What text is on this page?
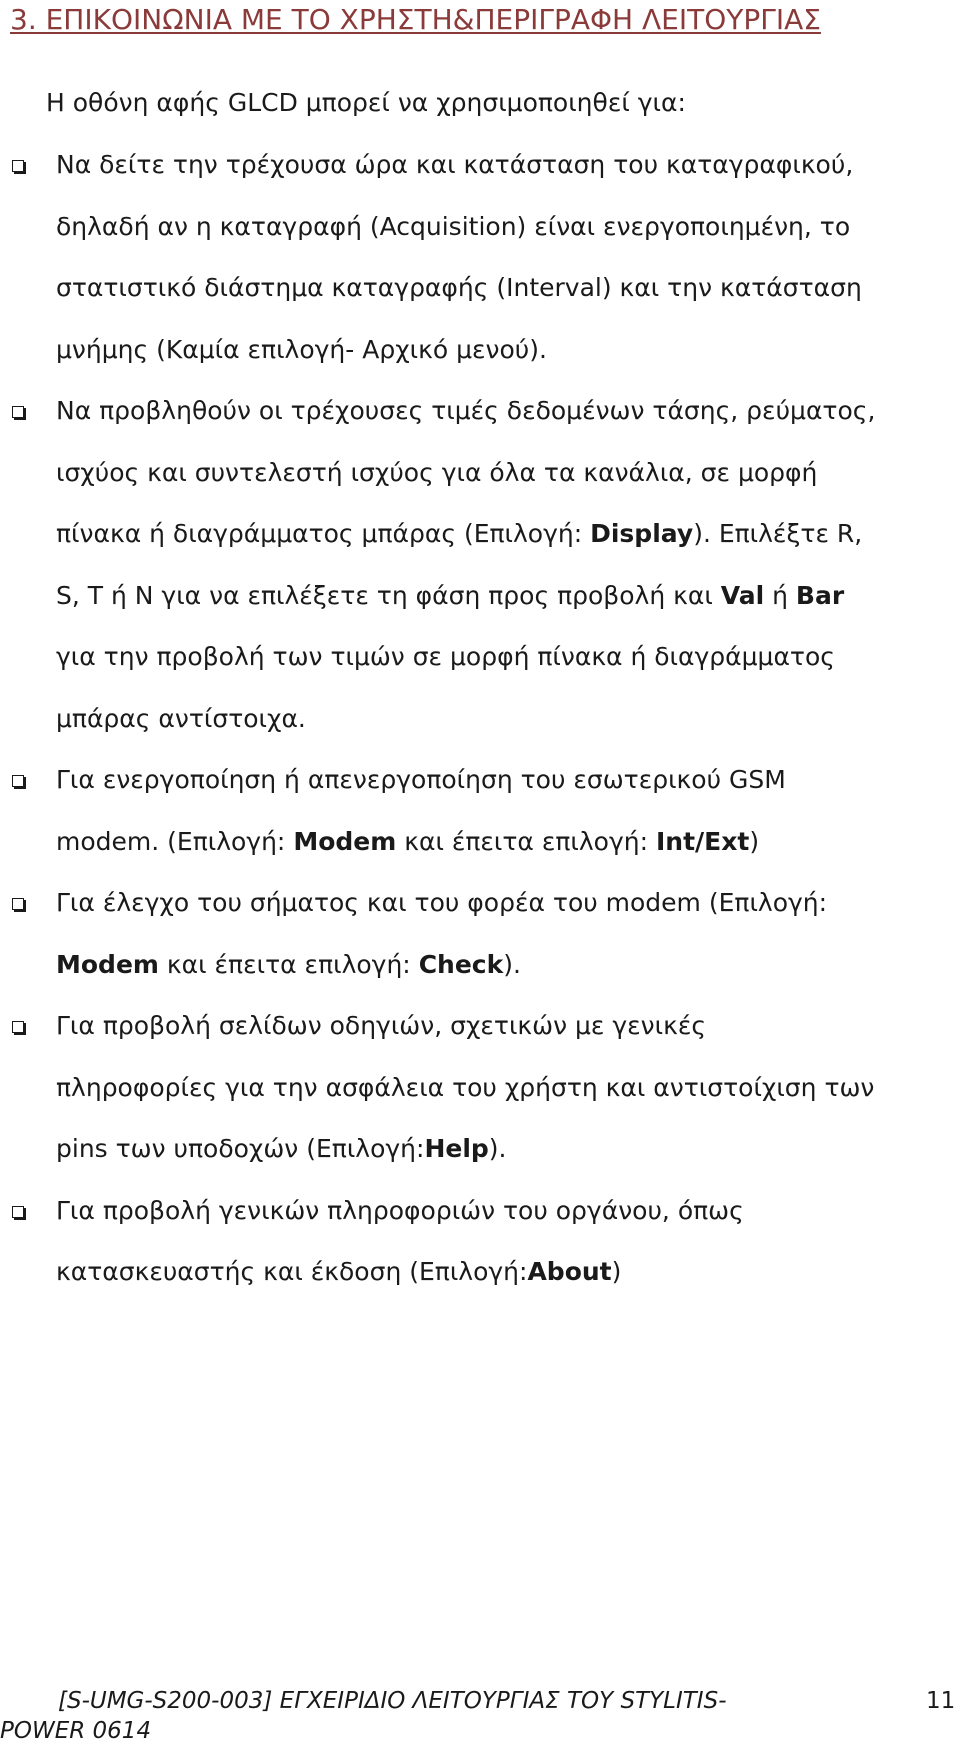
3. ΕΠΙΚΟΙΝΩΝΙΑ ΜΕ ΤΟ ΧΡΗΣΤΗ&ΠΕΡΙΓΡΑΦΗ ΛΕΙΤΟΥΡΓΙΑΣ
Η οθόνη αφής GLCD μπορεί να χρησιμοποιηθεί για:
Να δείτε την τρέχουσα ώρα και κατάσταση του καταγραφικού,
δηλαδή αν η καταγραφή (Acquisition) είναι ενεργοποιημένη, το
στατιστικό διάστημα καταγραφής (Interval) και την κατάσταση
μνήμης (Καμία επιλογή- Αρχικό μενού).
Να προβληθούν οι τρέχουσες τιμές δεδομένων τάσης, ρεύματος,
ισχύος και συντελεστή ισχύος για όλα τα κανάλια, σε μορφή
πίνακα ή διαγράμματος μπάρας (Επιλογή: Display). Επιλέξτε R,
S, T ή N για να επιλέξετε τη φάση προς προβολή και Val ή Bar
για την προβολή των τιμών σε μορφή πίνακα ή διαγράμματος
μπάρας αντίστοιχα.
Για ενεργοποίηση ή απενεργοποίηση του εσωτερικού GSM
modem. (Επιλογή: Modem και έπειτα επιλογή: Int/Ext)
Για έλεγχο του σήματος και του φορέα του modem (Επιλογή:
Modem και έπειτα επιλογή: Check).
Για προβολή σελίδων οδηγιών, σχετικών με γενικές
πληροφορίες για την ασφάλεια του χρήστη και αντιστοίχιση των
pins των υποδοχών (Επιλογή:Help).
Για προβολή γενικών πληροφοριών του οργάνου, όπως
κατασκευαστής και έκδοση (Επιλογή:About)
[S-UMG-S200-003] ΕΓΧΕΙΡΙΔΙΟ ΛΕΙΤΟΥΡΓΙΑΣ ΤΟΥ STYLITIS-
POWER 0614
11
